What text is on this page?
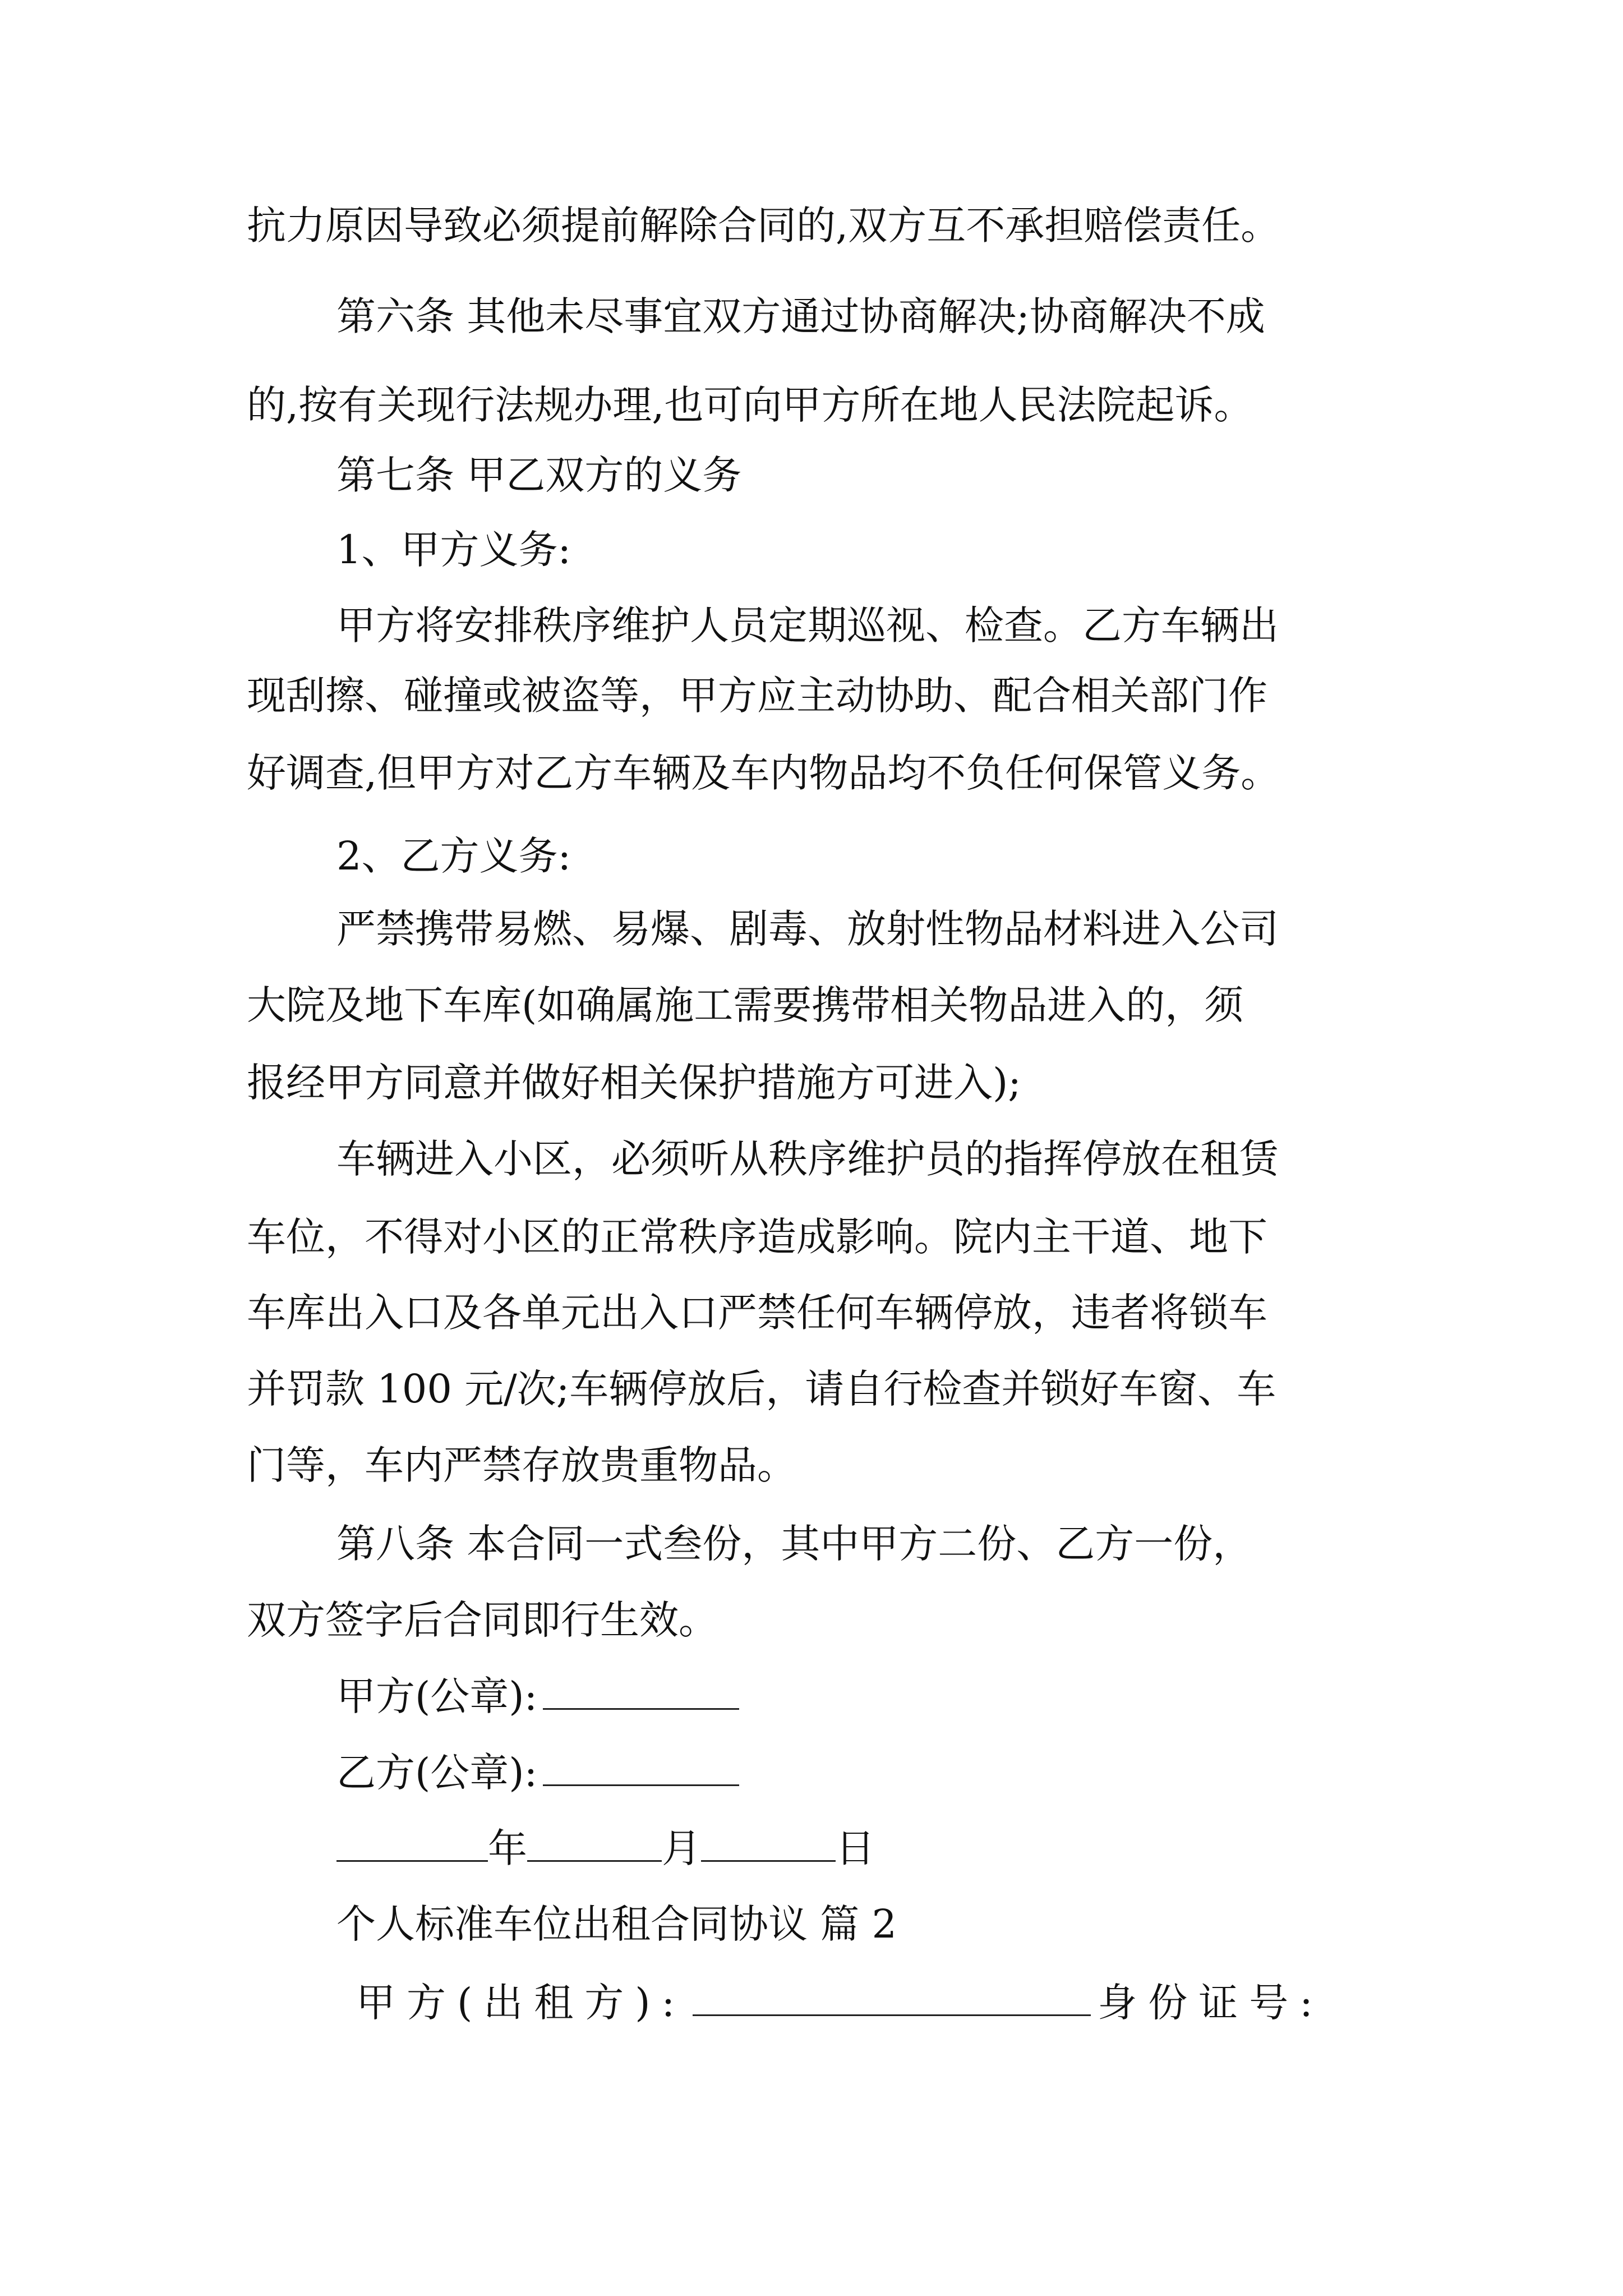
抗力原因导致必须提前解除合同的,双方互不承担赔偿责任。
第六条 其他未尽事宜双方通过协商解决;协商解决不成
的,按有关现行法规办理,也可向甲方所在地人民法院起诉。
第七条 甲乙双方的义务
1、甲方义务:
甲方将安排秩序维护人员定期巡视、检查。乙方车辆出
现刮擦、碰撞或被盗等，甲方应主动协助、配合相关部门作
好调查,但甲方对乙方车辆及车内物品均不负任何保管义务。
2、乙方义务:
严禁携带易燃、易爆、剧毒、放射性物品材料进入公司
大院及地下车库(如确属施工需要携带相关物品进入的，须
报经甲方同意并做好相关保护措施方可进入);
车辆进入小区，必须听从秩序维护员的指挥停放在租赁
车位，不得对小区的正常秩序造成影响。院内主干道、地下
车库出入口及各单元出入口严禁任何车辆停放，违者将锁车
并罚款 100 元/次;车辆停放后，请自行检查并锁好车窗、车
门等，车内严禁存放贵重物品。
第八条 本合同一式叁份，其中甲方二份、乙方一份，
双方签字后合同即行生效。
甲方(公章):
乙方(公章):
年	月	日
个人标准车位出租合同协议 篇 2
甲方(出租方):	身份证号:
